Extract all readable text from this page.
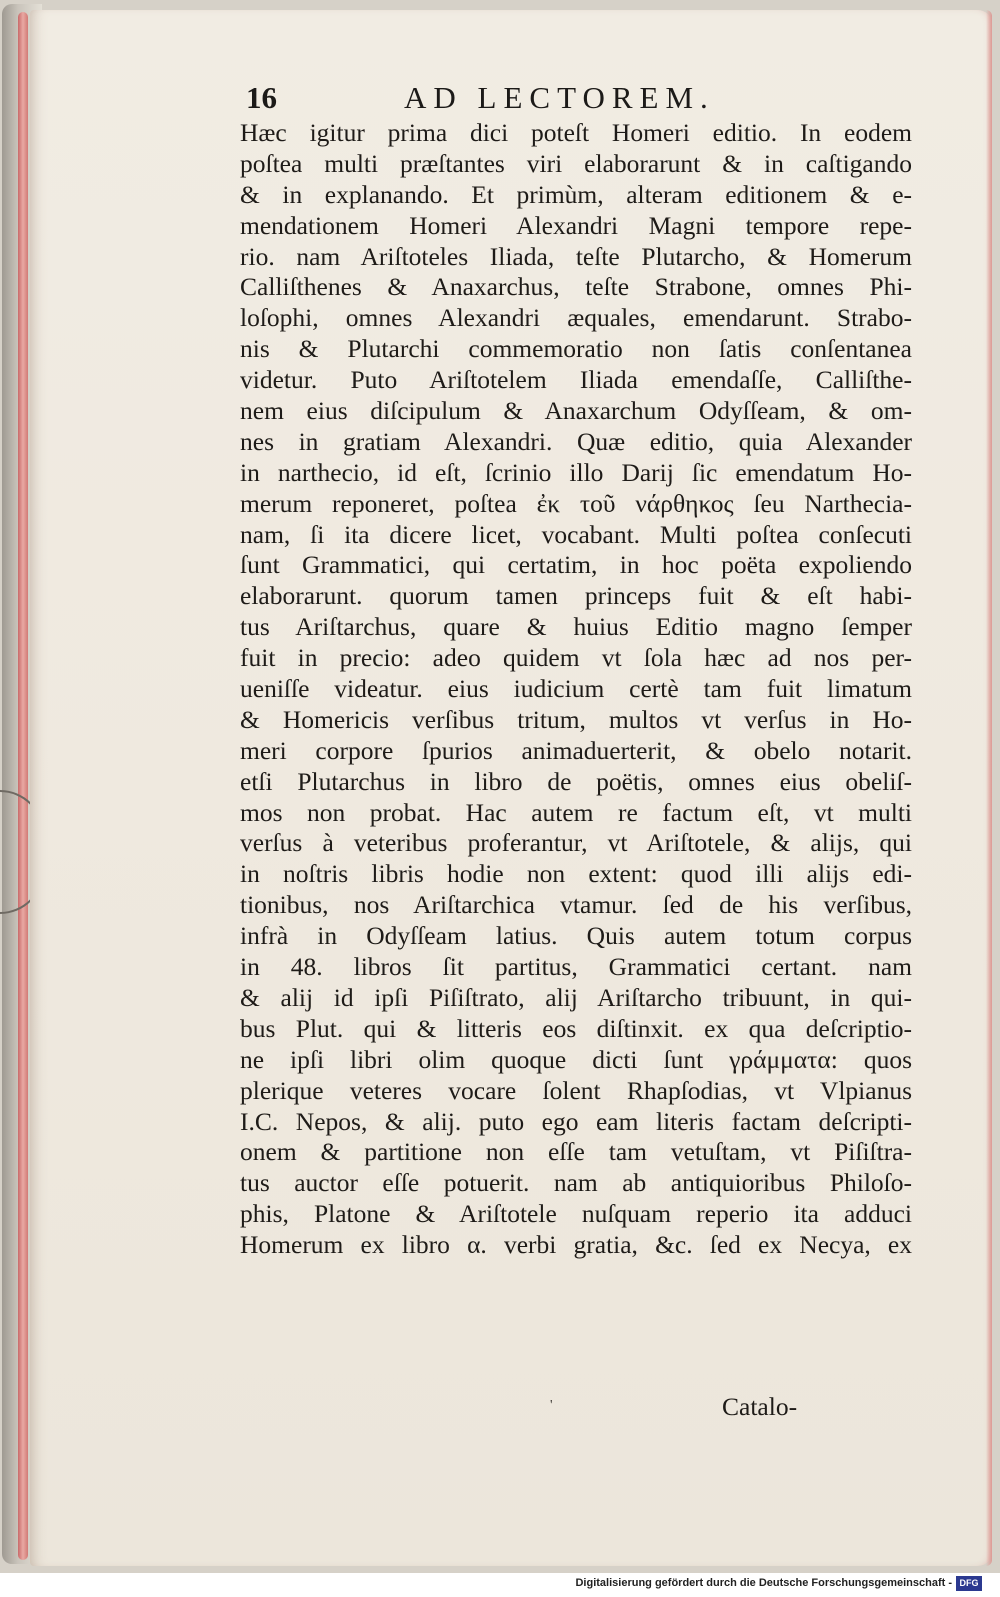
16	AD LECTOREM.
Hæc igitur prima dici poteſt Homeri editio. In eodem
poſtea multi præſtantes viri elaborarunt & in caſtigando
& in explanando. Et primùm, alteram editionem & e-
mendationem Homeri Alexandri Magni tempore repe-
rio. nam Ariſtoteles Iliada, teſte Plutarcho, & Homerum
Calliſthenes & Anaxarchus, teſte Strabone, omnes Phi-
loſophi, omnes Alexandri æquales, emendarunt. Strabo-
nis & Plutarchi commemoratio non ſatis conſentanea
videtur. Puto Ariſtotelem Iliada emendaſſe, Calliſthe-
nem eius diſcipulum & Anaxarchum Odyſſeam, & om-
nes in gratiam Alexandri. Quæ editio, quia Alexander
in narthecio, id eſt, ſcrinio illo Darij ſic emendatum Ho-
merum reponeret, poſtea ἐκ τοῦ νάρθηκος ſeu Narthecia-
nam, ſi ita dicere licet, vocabant. Multi poſtea conſecuti
ſunt Grammatici, qui certatim, in hoc poëta expoliendo
elaborarunt. quorum tamen princeps fuit & eſt habi-
tus Ariſtarchus, quare & huius Editio magno ſemper
fuit in precio: adeo quidem vt ſola hæc ad nos per-
ueniſſe videatur. eius iudicium certè tam fuit limatum
& Homericis verſibus tritum, multos vt verſus in Ho-
meri corpore ſpurios animaduerterit, & obelo notarit.
etſi Plutarchus in libro de poëtis, omnes eius obeliſ-
mos non probat. Hac autem re factum eſt, vt multi
verſus à veteribus proferantur, vt Ariſtotele, & alijs, qui
in noſtris libris hodie non extent: quod illi alijs edi-
tionibus, nos Ariſtarchica vtamur. ſed de his verſibus,
infrà in Odyſſeam latius. Quis autem totum corpus
in 48. libros ſit partitus, Grammatici certant. nam
& alij id ipſi Piſiſtrato, alij Ariſtarcho tribuunt, in qui-
bus Plut. qui & litteris eos diſtinxit. ex qua deſcriptio-
ne ipſi libri olim quoque dicti ſunt γράμματα: quos
plerique veteres vocare ſolent Rhapſodias, vt Vlpianus
I.C. Nepos, & alij. puto ego eam literis factam deſcripti-
onem & partitione non eſſe tam vetuſtam, vt Piſiſtra-
tus auctor eſſe potuerit. nam ab antiquioribus Philoſo-
phis, Platone & Ariſtotele nuſquam reperio ita adduci
Homerum ex libro α. verbi gratia, &c. ſed ex Necya, ex
'	Catalo-
Digitalisierung gefördert durch die Deutsche Forschungsgemeinschaft - DFG
